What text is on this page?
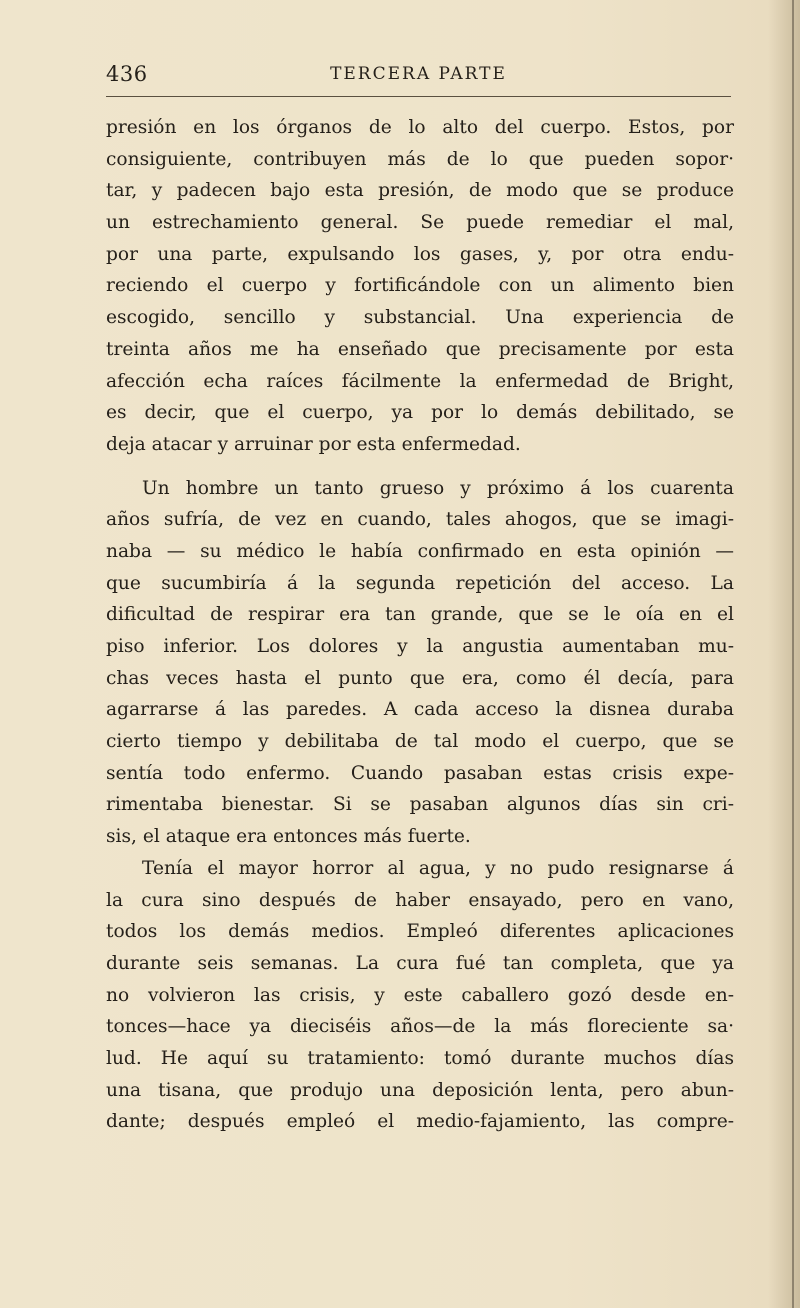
436	TERCERA PARTE
presión en los órganos de lo alto del cuerpo. Estos, por
consiguiente, contribuyen más de lo que pueden sopor·
tar, y padecen bajo esta presión, de modo que se produce
un estrechamiento general. Se puede remediar el mal,
por una parte, expulsando los gases, y, por otra endu-
reciendo el cuerpo y fortificándole con un alimento bien
escogido, sencillo y substancial. Una experiencia de
treinta años me ha enseñado que precisamente por esta
afección echa raíces fácilmente la enfermedad de Bright,
es decir, que el cuerpo, ya por lo demás debilitado, se
deja atacar y arruinar por esta enfermedad.
Un hombre un tanto grueso y próximo á los cuarenta
años sufría, de vez en cuando, tales ahogos, que se imagi-
naba — su médico le había confirmado en esta opinión —
que sucumbiría á la segunda repetición del acceso. La
dificultad de respirar era tan grande, que se le oía en el
piso inferior. Los dolores y la angustia aumentaban mu-
chas veces hasta el punto que era, como él decía, para
agarrarse á las paredes. A cada acceso la disnea duraba
cierto tiempo y debilitaba de tal modo el cuerpo, que se
sentía todo enfermo. Cuando pasaban estas crisis expe-
rimentaba bienestar. Si se pasaban algunos días sin cri-
sis, el ataque era entonces más fuerte.
Tenía el mayor horror al agua, y no pudo resignarse á
la cura sino después de haber ensayado, pero en vano,
todos los demás medios. Empleó diferentes aplicaciones
durante seis semanas. La cura fué tan completa, que ya
no volvieron las crisis, y este caballero gozó desde en-
tonces—hace ya dieciséis años—de la más floreciente sa·
lud. He aquí su tratamiento: tomó durante muchos días
una tisana, que produjo una deposición lenta, pero abun-
dante; después empleó el medio-fajamiento, las compre-
